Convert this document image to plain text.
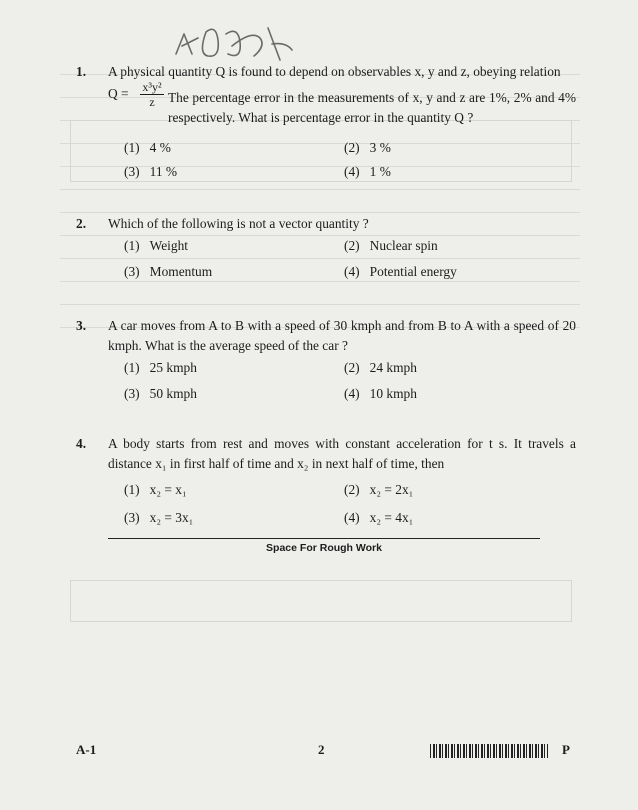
Y108
1. A physical quantity Q is found to depend on observables x, y and z, obeying relation
Q = x³y²
z The percentage error in the measurements of x, y and z are 1%, 2% and 4% respectively. What is percentage error in the quantity Q ?
(1) 4 %	(2) 3 %
(3) 11 %	(4) 1 %
2. Which of the following is not a vector quantity ?
(1) Weight	(2) Nuclear spin
(3) Momentum	(4) Potential energy
3. A car moves from A to B with a speed of 30 kmph and from B to A with a speed of 20 kmph. What is the average speed of the car ?
(1) 25 kmph	(2) 24 kmph
(3) 50 kmph	(4) 10 kmph
4. A body starts from rest and moves with constant acceleration for t s. It travels a distance x₁ in first half of time and x₂ in next half of time, then
(1) x₂ = x₁	(2) x₂ = 2x₁
(3) x₂ = 3x₁	(4) x₂ = 4x₁
Space For Rough Work
A-1	2	P
